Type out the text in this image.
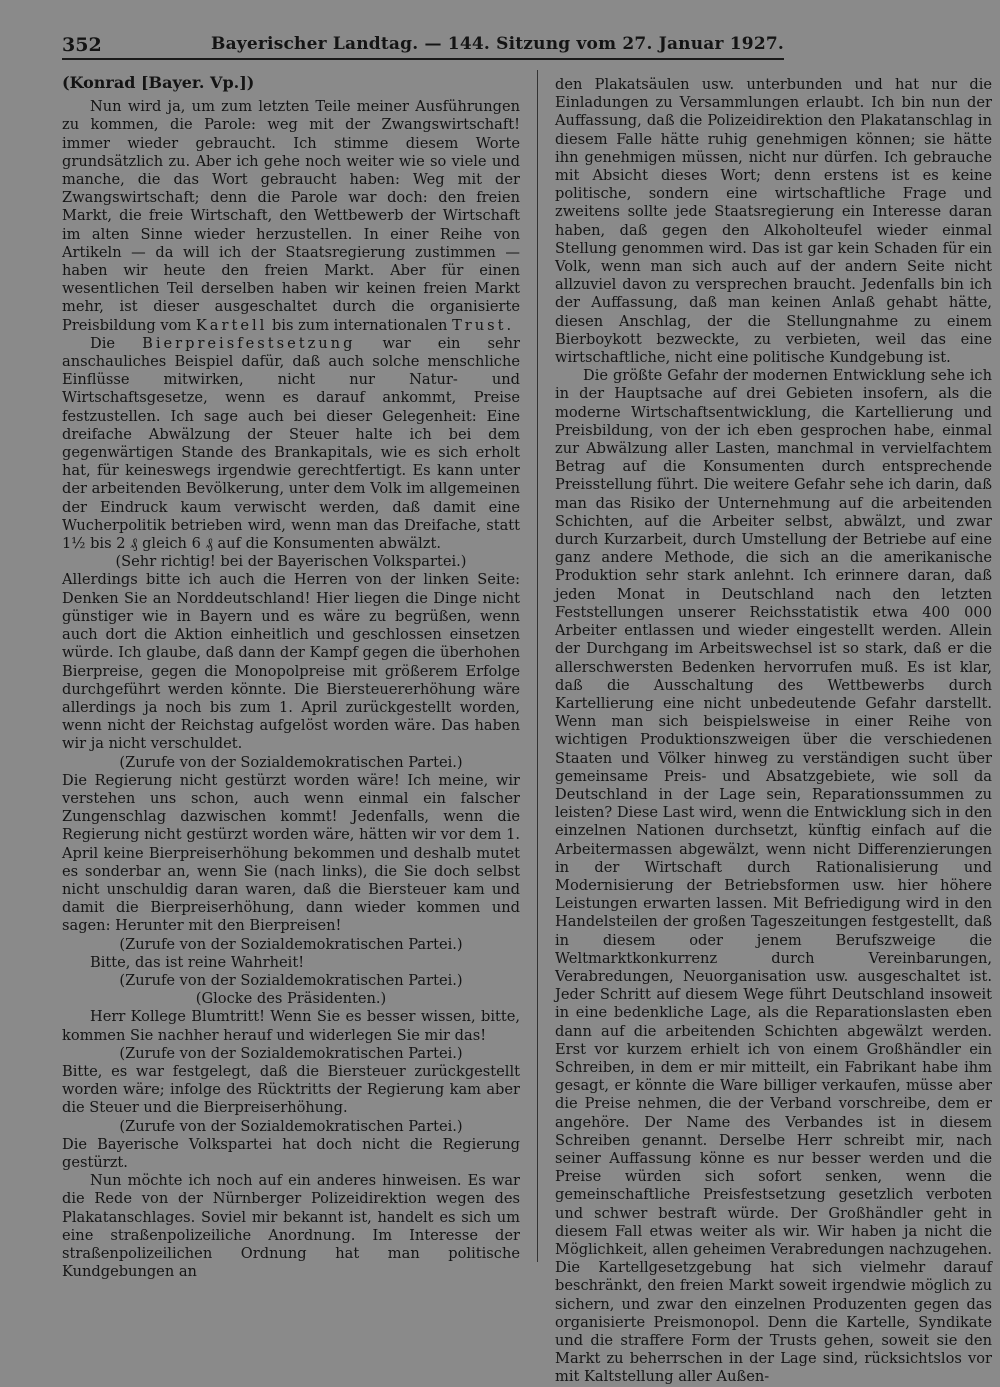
352	Bayerischer Landtag. — 144. Sitzung vom 27. Januar 1927.
(Konrad [Bayer. Vp.])

Nun wird ja, um zum letzten Teile meiner Ausführungen zu kommen, die Parole: weg mit der Zwangswirtschaft! immer wieder gebraucht. Ich stimme diesem Worte grundsätzlich zu. Aber ich gehe noch weiter wie so viele und manche, die das Wort gebraucht haben: Weg mit der Zwangswirtschaft; denn die Parole war doch: den freien Markt, die freie Wirtschaft, den Wettbewerb der Wirtschaft im alten Sinne wieder herzustellen. In einer Reihe von Artikeln — da will ich der Staatsregierung zustimmen — haben wir heute den freien Markt. Aber für einen wesentlichen Teil derselben haben wir keinen freien Markt mehr, ist dieser ausgeschaltet durch die organisierte Preisbildung vom Kartell bis zum internationalen Trust.

Die Bierpreisfestsetzung war ein sehr anschauliches Beispiel dafür, daß auch solche menschliche Einflüsse mitwirken, nicht nur Natur- und Wirtschaftsgesetze, wenn es darauf ankommt, Preise festzustellen. Ich sage auch bei dieser Gelegenheit: Eine dreifache Abwälzung der Steuer halte ich bei dem gegenwärtigen Stande des Brankapitals, wie es sich erholt hat, für keineswegs irgendwie gerechtfertigt. Es kann unter der arbeitenden Bevölkerung, unter dem Volk im allgemeinen der Eindruck kaum verwischt werden, daß damit eine Wucherpolitik betrieben wird, wenn man das Dreifache, statt 1½ bis 2 ₰ gleich 6 ₰ auf die Konsumenten abwälzt.

(Sehr richtig! bei der Bayerischen Volkspartei.)

Allerdings bitte ich auch die Herren von der linken Seite: Denken Sie an Norddeutschland! Hier liegen die Dinge nicht günstiger wie in Bayern und es wäre zu begrüßen, wenn auch dort die Aktion einheitlich und geschlossen einsetzen würde. Ich glaube, daß dann der Kampf gegen die überhohen Bierpreise, gegen die Monopolpreise mit größerem Erfolge durchgeführt werden könnte. Die Biersteuererhöhung wäre allerdings ja noch bis zum 1. April zurückgestellt worden, wenn nicht der Reichstag aufgelöst worden wäre. Das haben wir ja nicht verschuldet.

(Zurufe von der Sozialdemokratischen Partei.)

Die Regierung nicht gestürzt worden wäre! Ich meine, wir verstehen uns schon, auch wenn einmal ein falscher Zungenschlag dazwischen kommt! Jedenfalls, wenn die Regierung nicht gestürzt worden wäre, hätten wir vor dem 1. April keine Bierpreiserhöhung bekommen und deshalb mutet es sonderbar an, wenn Sie (nach links), die Sie doch selbst nicht unschuldig daran waren, daß die Biersteuer kam und damit die Bierpreiserhöhung, dann wieder kommen und sagen: Herunter mit den Bierpreisen!

(Zurufe von der Sozialdemokratischen Partei.)

Bitte, das ist reine Wahrheit!

(Zurufe von der Sozialdemokratischen Partei.)

(Glocke des Präsidenten.)

Herr Kollege Blumtritt! Wenn Sie es besser wissen, bitte, kommen Sie nachher herauf und widerlegen Sie mir das!

(Zurufe von der Sozialdemokratischen Partei.)

Bitte, es war festgelegt, daß die Biersteuer zurückgestellt worden wäre; infolge des Rücktritts der Regierung kam aber die Steuer und die Bierpreiserhöhung.

(Zurufe von der Sozialdemokratischen Partei.)

Die Bayerische Volkspartei hat doch nicht die Regierung gestürzt.

Nun möchte ich noch auf ein anderes hinweisen. Es war die Rede von der Nürnberger Polizeidirektion wegen des Plakatanschlages. Soviel mir bekannt ist, handelt es sich um eine straßenpolizeiliche Anordnung. Im Interesse der straßenpolizeilichen Ordnung hat man politische Kundgebungen an

den Plakatsäulen usw. unterbunden und hat nur die Einladungen zu Versammlungen erlaubt. Ich bin nun der Auffassung, daß die Polizeidirektion den Plakatanschlag in diesem Falle hätte ruhig genehmigen können; sie hätte ihn genehmigen müssen, nicht nur dürfen. Ich gebrauche mit Absicht dieses Wort; denn erstens ist es keine politische, sondern eine wirtschaftliche Frage und zweitens sollte jede Staatsregierung ein Interesse daran haben, daß gegen den Alkoholteufel wieder einmal Stellung genommen wird. Das ist gar kein Schaden für ein Volk, wenn man sich auch auf der andern Seite nicht allzuviel davon zu versprechen braucht. Jedenfalls bin ich der Auffassung, daß man keinen Anlaß gehabt hätte, diesen Anschlag, der die Stellungnahme zu einem Bierboykott bezweckte, zu verbieten, weil das eine wirtschaftliche, nicht eine politische Kundgebung ist.

Die größte Gefahr der modernen Entwicklung sehe ich in der Hauptsache auf drei Gebieten insofern, als die moderne Wirtschaftsentwicklung, die Kartellierung und Preisbildung, von der ich eben gesprochen habe, einmal zur Abwälzung aller Lasten, manchmal in vervielfachtem Betrag auf die Konsumenten durch entsprechende Preisstellung führt. Die weitere Gefahr sehe ich darin, daß man das Risiko der Unternehmung auf die arbeitenden Schichten, auf die Arbeiter selbst, abwälzt, und zwar durch Kurzarbeit, durch Umstellung der Betriebe auf eine ganz andere Methode, die sich an die amerikanische Produktion sehr stark anlehnt. Ich erinnere daran, daß jeden Monat in Deutschland nach den letzten Feststellungen unserer Reichsstatistik etwa 400 000 Arbeiter entlassen und wieder eingestellt werden. Allein der Durchgang im Arbeitswechsel ist so stark, daß er die allerschwersten Bedenken hervorrufen muß. Es ist klar, daß die Ausschaltung des Wettbewerbs durch Kartellierung eine nicht unbedeutende Gefahr darstellt. Wenn man sich beispielsweise in einer Reihe von wichtigen Produktionszweigen über die verschiedenen Staaten und Völker hinweg zu verständigen sucht über gemeinsame Preis- und Absatzgebiete, wie soll da Deutschland in der Lage sein, Reparationssummen zu leisten? Diese Last wird, wenn die Entwicklung sich in den einzelnen Nationen durchsetzt, künftig einfach auf die Arbeitermassen abgewälzt, wenn nicht Differenzierungen in der Wirtschaft durch Rationalisierung und Modernisierung der Betriebsformen usw. hier höhere Leistungen erwarten lassen. Mit Befriedigung wird in den Handelsteilen der großen Tageszeitungen festgestellt, daß in diesem oder jenem Berufszweige die Weltmarktkonkurrenz durch Vereinbarungen, Verabredungen, Neuorganisation usw. ausgeschaltet ist. Jeder Schritt auf diesem Wege führt Deutschland insoweit in eine bedenkliche Lage, als die Reparationslasten eben dann auf die arbeitenden Schichten abgewälzt werden. Erst vor kurzem erhielt ich von einem Großhändler ein Schreiben, in dem er mir mitteilt, ein Fabrikant habe ihm gesagt, er könnte die Ware billiger verkaufen, müsse aber die Preise nehmen, die der Verband vorschreibe, dem er angehöre. Der Name des Verbandes ist in diesem Schreiben genannt. Derselbe Herr schreibt mir, nach seiner Auffassung könne es nur besser werden und die Preise würden sich sofort senken, wenn die gemeinschaftliche Preisfestsetzung gesetzlich verboten und schwer bestraft würde. Der Großhändler geht in diesem Fall etwas weiter als wir. Wir haben ja nicht die Möglichkeit, allen geheimen Verabredungen nachzugehen. Die Kartellgesetzgebung hat sich vielmehr darauf beschränkt, den freien Markt soweit irgendwie möglich zu sichern, und zwar den einzelnen Produzenten gegen das organisierte Preismonopol. Denn die Kartelle, Syndikate und die straffere Form der Trusts gehen, soweit sie den Markt zu beherrschen in der Lage sind, rücksichtslos vor mit Kaltstellung aller Außen-
